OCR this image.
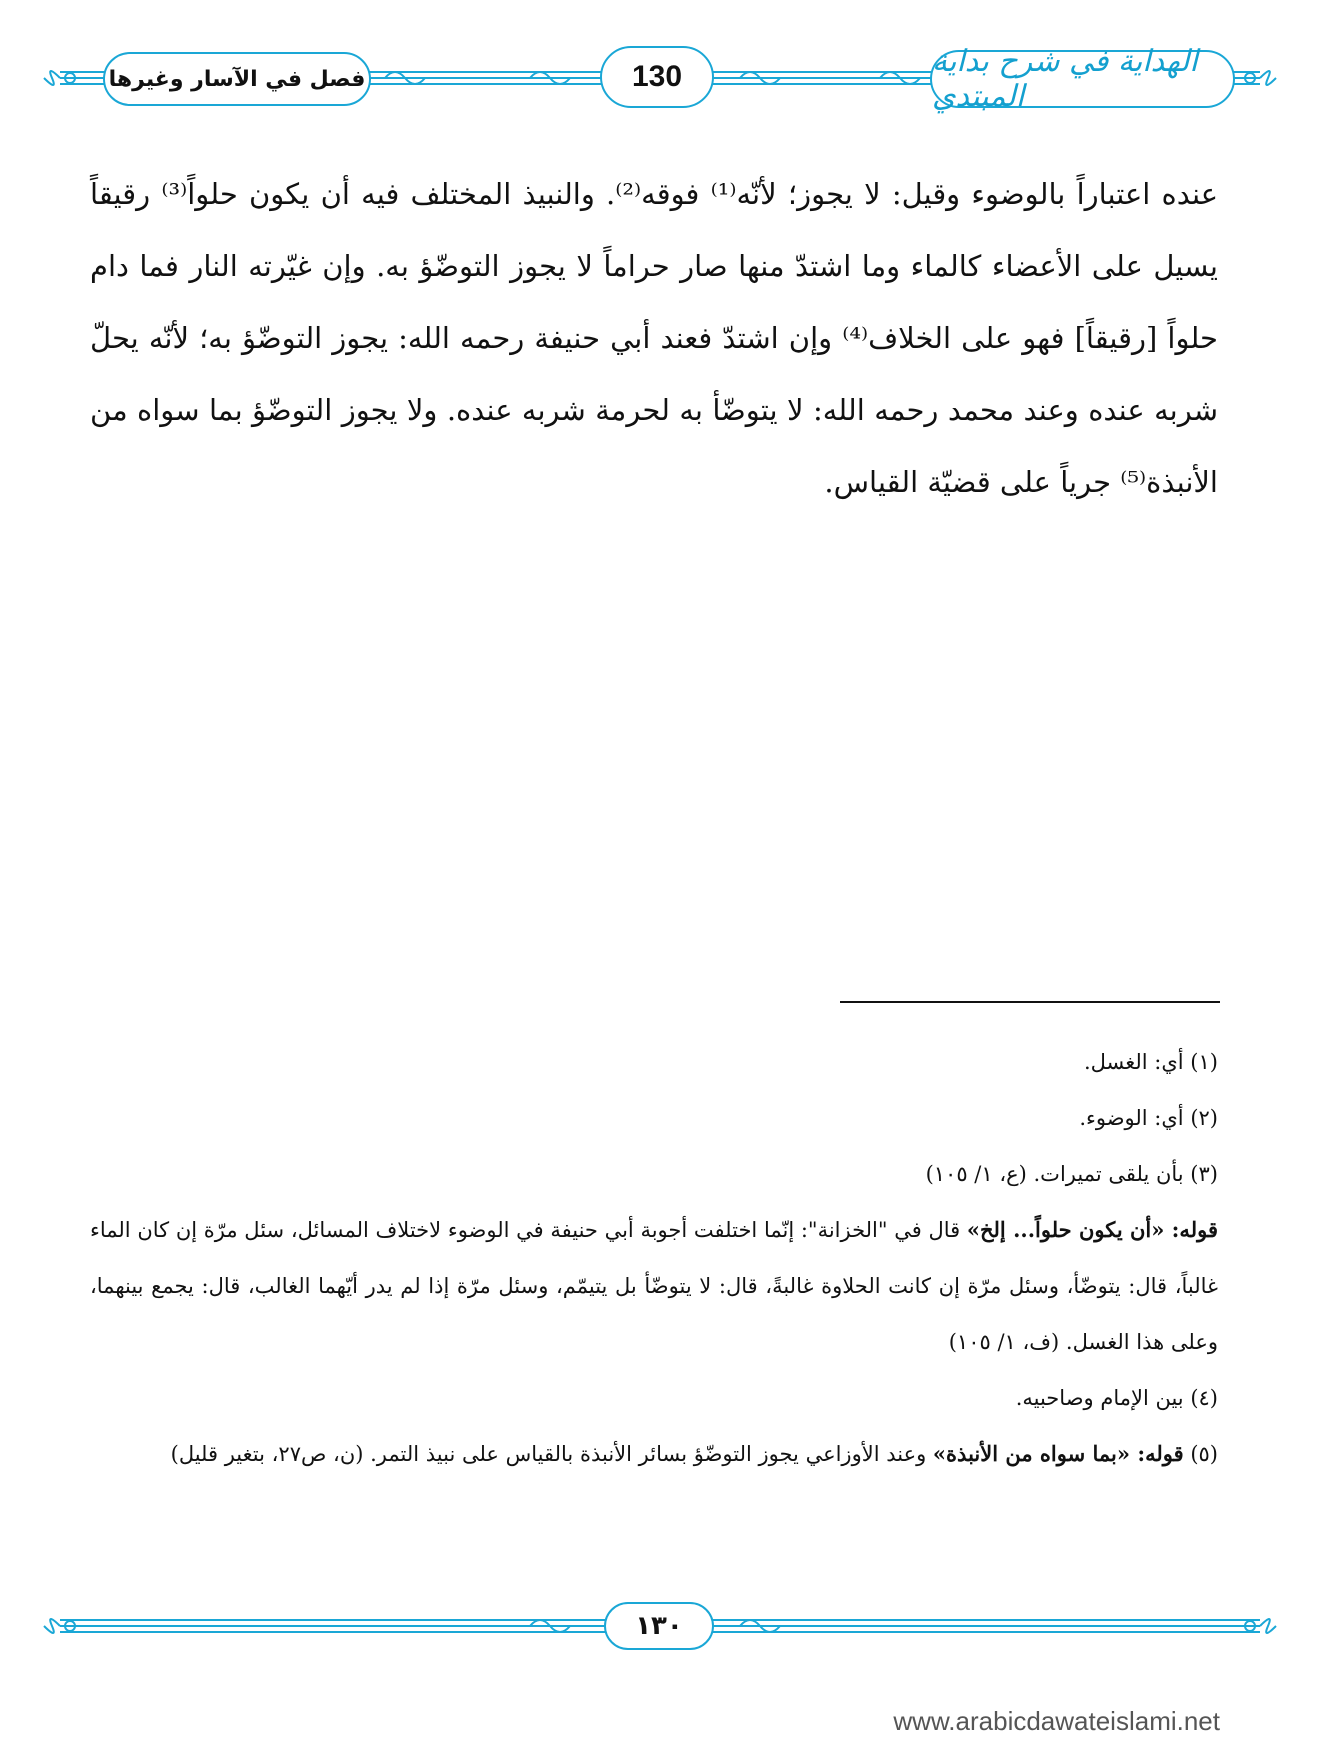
الهداية في شرح بداية المبتدي
130
فصل في الآسار وغيرها

عنده اعتباراً بالوضوء وقيل: لا يجوز؛ لأنّه⁽¹⁾ فوقه⁽²⁾. والنبيذ المختلف فيه أن يكون حلواً⁽³⁾ رقيقاً يسيل على الأعضاء كالماء وما اشتدّ منها صار حراماً لا يجوز التوضّؤ به. وإن غيّرته النار فما دام حلواً [رقيقاً] فهو على الخلاف⁽⁴⁾ وإن اشتدّ فعند أبي حنيفة رحمه الله: يجوز التوضّؤ به؛ لأنّه يحلّ شربه عنده وعند محمد رحمه الله: لا يتوضّأ به لحرمة شربه عنده. ولا يجوز التوضّؤ بما سواه من الأنبذة⁽⁵⁾ جرياً على قضيّة القياس.

(١) أي: الغسل.

(٢) أي: الوضوء.

(٣) بأن يلقى تميرات. (ع، ١/ ١٠٥)

قوله: «أن يكون حلواً... إلخ» قال في "الخزانة": إنّما اختلفت أجوبة أبي حنيفة في الوضوء لاختلاف المسائل، سئل مرّة إن كان الماء غالباً، قال: يتوضّأ، وسئل مرّة إن كانت الحلاوة غالبةً، قال: لا يتوضّأ بل يتيمّم، وسئل مرّة إذا لم يدر أيّهما الغالب، قال: يجمع بينهما، وعلى هذا الغسل. (ف، ١/ ١٠٥)

(٤) بين الإمام وصاحبيه.

(٥) قوله: «بما سواه من الأنبذة» وعند الأوزاعي يجوز التوضّؤ بسائر الأنبذة بالقياس على نبيذ التمر. (ن، ص٢٧، بتغير قليل)

١٣٠
www.arabicdawateislami.net
